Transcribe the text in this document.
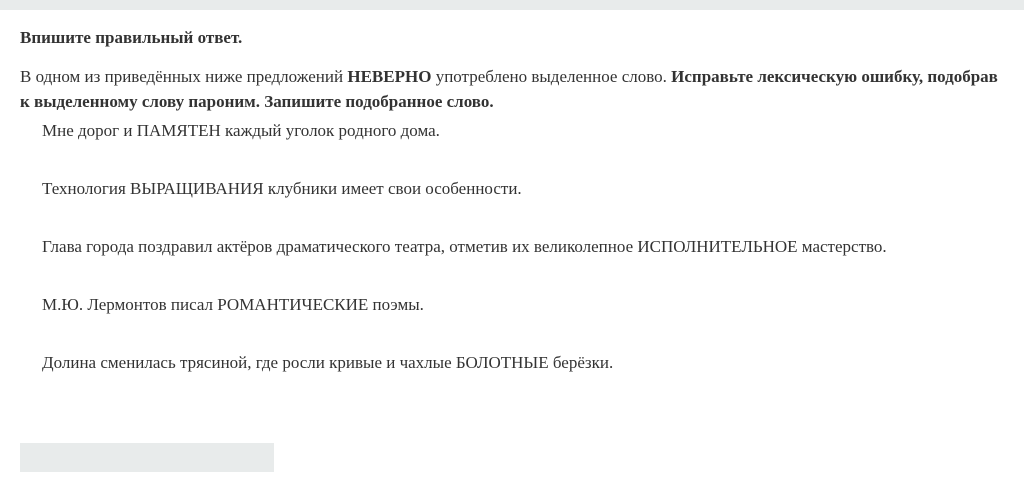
Впишите правильный ответ.

В одном из приведённых ниже предложений НЕВЕРНО употреблено выделенное слово. Исправьте лексическую ошибку, подобрав
к выделенному слову пароним. Запишите подобранное слово.

Мне дорог и ПАМЯТЕН каждый уголок родного дома.
Технология ВЫРАЩИВАНИЯ клубники имеет свои особенности.
Глава города поздравил актёров драматического театра, отметив их великолепное ИСПОЛНИТЕЛЬНОЕ мастерство.
М.Ю. Лермонтов писал РОМАНТИЧЕСКИЕ поэмы.
Долина сменилась трясиной, где росли кривые и чахлые БОЛОТНЫЕ берёзки.
